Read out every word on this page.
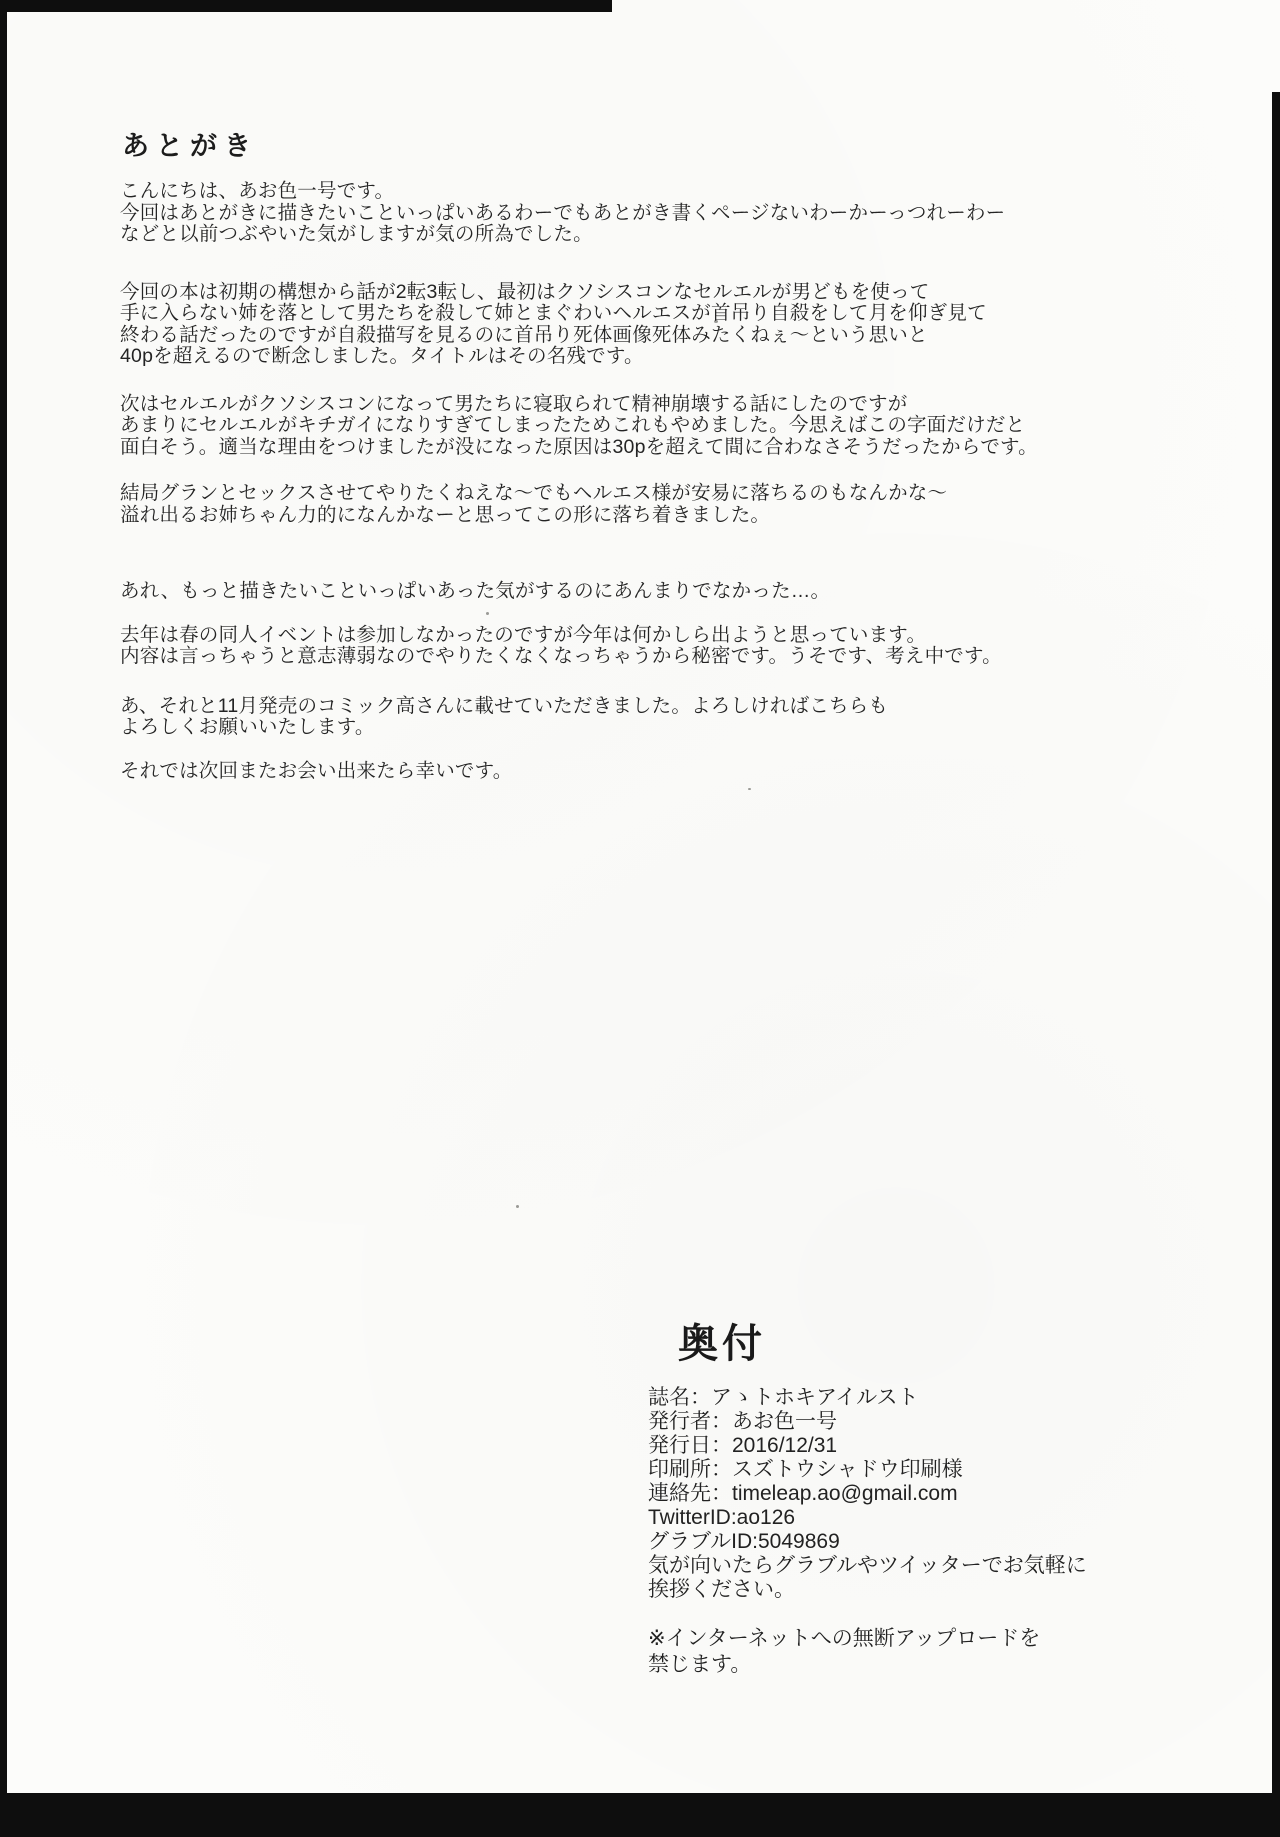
あとがき
こんにちは、あお色一号です。
今回はあとがきに描きたいこといっぱいあるわーでもあとがき書くページないわーかーっつれーわー
などと以前つぶやいた気がしますが気の所為でした。
今回の本は初期の構想から話が2転3転し、最初はクソシスコンなセルエルが男どもを使って
手に入らない姉を落として男たちを殺して姉とまぐわいヘルエスが首吊り自殺をして月を仰ぎ見て
終わる話だったのですが自殺描写を見るのに首吊り死体画像死体みたくねぇ〜という思いと
40pを超えるので断念しました。タイトルはその名残です。
次はセルエルがクソシスコンになって男たちに寝取られて精神崩壊する話にしたのですが
あまりにセルエルがキチガイになりすぎてしまったためこれもやめました。今思えばこの字面だけだと
面白そう。適当な理由をつけましたが没になった原因は30pを超えて間に合わなさそうだったからです。
結局グランとセックスさせてやりたくねえな〜でもヘルエス様が安易に落ちるのもなんかな〜
溢れ出るお姉ちゃん力的になんかなーと思ってこの形に落ち着きました。
あれ、もっと描きたいこといっぱいあった気がするのにあんまりでなかった…。
去年は春の同人イベントは参加しなかったのですが今年は何かしら出ようと思っています。
内容は言っちゃうと意志薄弱なのでやりたくなくなっちゃうから秘密です。うそです、考え中です。
あ、それと11月発売のコミック高さんに載せていただきました。よろしければこちらも
よろしくお願いいたします。
それでは次回またお会い出来たら幸いです。
奥付
誌名：アゝトホキアイルスト
発行者：あお色一号
発行日：2016/12/31
印刷所：スズトウシャドウ印刷様
連絡先：timeleap.ao@gmail.com
TwitterID:ao126
グラブルID:5049869
気が向いたらグラブルやツイッターでお気軽に
挨拶ください。
※インターネットへの無断アップロードを
禁じます。
